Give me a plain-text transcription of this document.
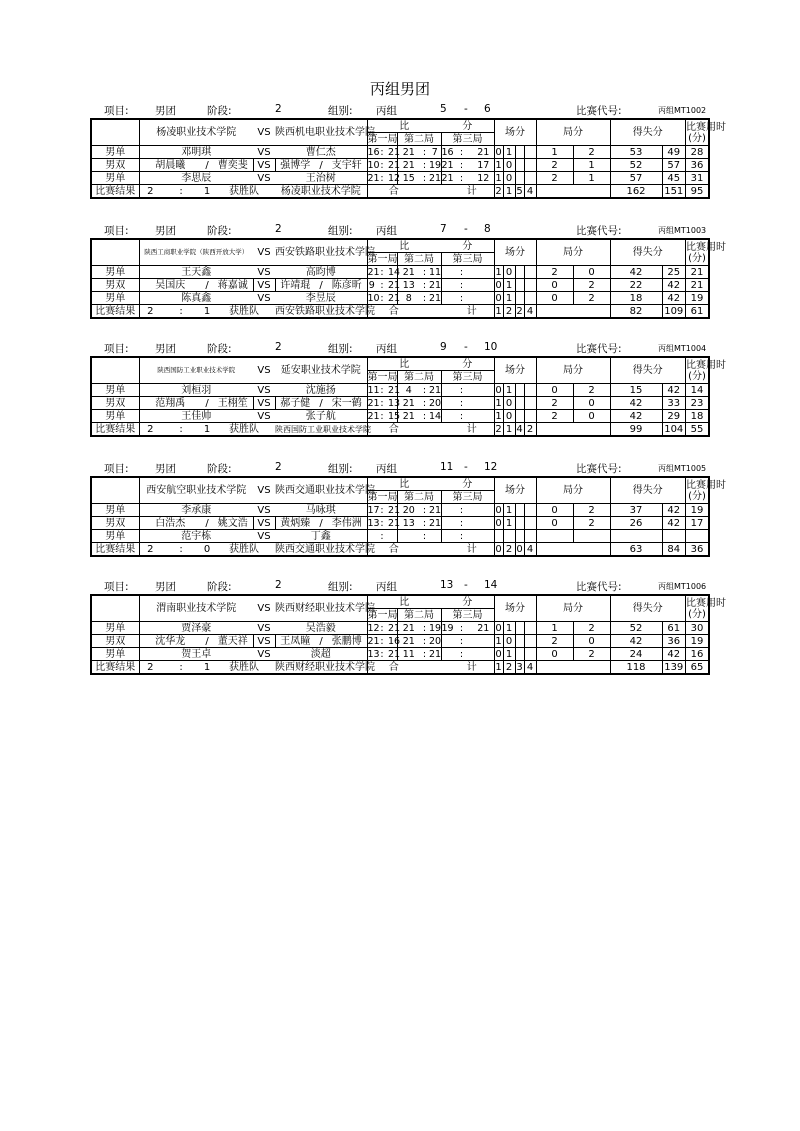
丙组男团
项目:	男团	阶段:	2	组别: 丙组	5 - 6	比赛代号:	丙组MT1002
	杨凌职业技术学院				VS	陕西机电职业技术学院			比						分			场分				局分		得失分		比赛用时
(分)

									第一局			第二局			第三局											
男单	邓明琪				VS	曹仁杰			16	:	21	21	:	7	16	:	21	0	1			1	2	53	49	28
男双	胡晨曦		/	曹奕斐	VS	强博学	/	支宇轩	10	:	21	21	:	19	21	:	17	1	0			2	1	52	57	36
男单	李思辰				VS	王治树			21	:	12	15	:	21	21	:	12	1	0			2	1	57	45	31
比赛结果	2	:	1	获胜队		杨凌职业技术学院			合							计		2	1	5	4			162	151	95
项目:	男团	阶段:	2	组别: 丙组	7 - 8	比赛代号:	丙组MT1003
	陕西工商职业学院（陕西开放大学）				VS	西安铁路职业技术学院			比						分			场分				局分		得失分		比赛用时
(分)

									第一局			第二局			第三局											
男单	王天鑫				VS	高昀博			21	:	14	21	:	11		:		1	0			2	0	42	25	21
男双	吴国庆		/	蒋嘉诚	VS	许靖琨	/	陈彦昕	9	:	21	13	:	21		:		0	1			0	2	22	42	21
男单	陈真鑫				VS	李昱辰			10	:	21	8	:	21		:		0	1			0	2	18	42	19
比赛结果	2	:	1	获胜队		西安铁路职业技术学院			合							计		1	2	2	4			82	109	61
项目:	男团	阶段:	2	组别: 丙组	9 - 10	比赛代号:	丙组MT1004
	陕西国防工业职业技术学院				VS	延安职业技术学院			比						分			场分				局分		得失分		比赛用时
(分)

									第一局			第二局			第三局											
男单	刘桓羽				VS	沈施扬			11	:	21	4	:	21		:		0	1			0	2	15	42	14
男双	范翔禹		/	王栩笙	VS	郝子健	/	宋一鹤	21	:	13	21	:	20		:		1	0			2	0	42	33	23
男单	王佳帅				VS	张子航			21	:	15	21	:	14		:		1	0			2	0	42	29	18
比赛结果	2	:	1	获胜队		陕西国防工业职业技术学院			合							计		2	1	4	2			99	104	55
项目:	男团	阶段:	2	组别: 丙组	11 - 12	比赛代号:	丙组MT1005
	西安航空职业技术学院				VS	陕西交通职业技术学院			比						分			场分				局分		得失分		比赛用时
(分)

									第一局			第二局			第三局											
男单	李承康				VS	马咏琪			17	:	21	20	:	21		:		0	1			0	2	37	42	19
男双	白浩杰		/	姚文浩	VS	黄炳臻	/	李伟洲	13	:	21	13	:	21		:		0	1			0	2	26	42	17
男单	范宇栋				VS	丁鑫				:			:			:										
比赛结果	2	:	0	获胜队		陕西交通职业技术学院			合							计		0	2	0	4			63	84	36
项目:	男团	阶段:	2	组别: 丙组	13 - 14	比赛代号:	丙组MT1006
	渭南职业技术学院				VS	陕西财经职业技术学院			比						分			场分				局分		得失分		比赛用时
(分)

									第一局			第二局			第三局											
男单	贾泽豪				VS	吴浩毅			12	:	21	21	:	19	19	:	21	0	1			1	2	52	61	30
男双	沈华龙		/	董天祥	VS	王凤瞳	/	张鹏博	21	:	16	21	:	20		:		1	0			2	0	42	36	19
男单	贺王卓				VS	淡超			13	:	21	11	:	21		:		0	1			0	2	24	42	16
比赛结果	2	:	1	获胜队		陕西财经职业技术学院			合							计		1	2	3	4			118	139	65
